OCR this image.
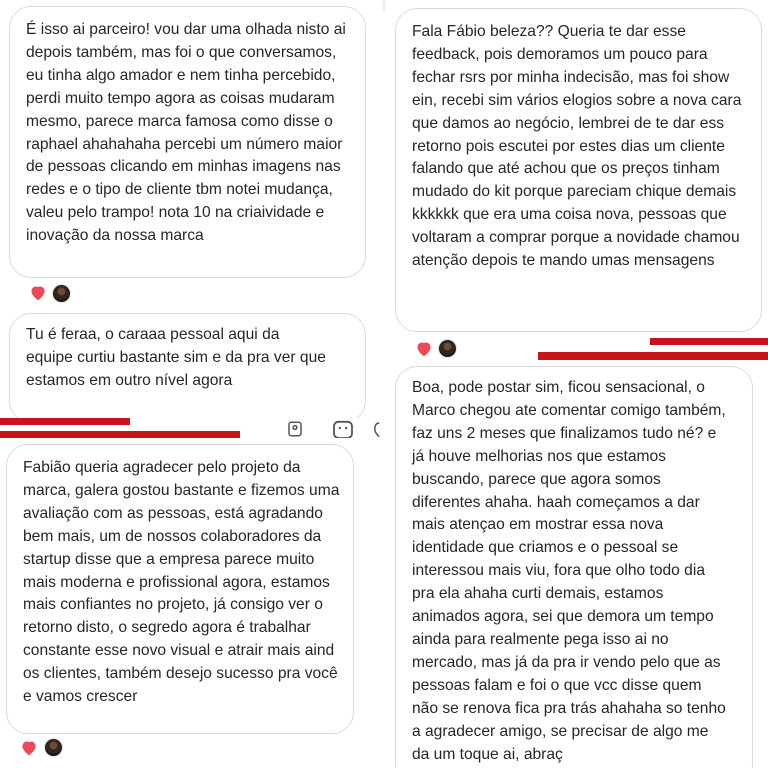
É isso ai parceiro! vou dar uma olhada nisto ai depois também, mas foi o que conversamos, eu tinha algo amador e nem tinha percebido, perdi muito tempo agora as coisas mudaram mesmo, parece marca famosa como disse o raphael ahahahaha percebi um número maior de pessoas clicando em minhas imagens nas redes e o tipo de cliente tbm notei mudança, valeu pelo trampo! nota 10 na criaividade e inovação da nossa marca

Tu é feraa, o caraaa pessoal aqui da equipe curtiu bastante sim e da pra ver que estamos em outro nível agora

Fala Fábio beleza?? Queria te dar esse feedback, pois demoramos um pouco para fechar rsrs por minha indecisão, mas foi show ein, recebi sim vários elogios sobre a nova cara que damos ao negócio, lembrei de te dar ess retorno pois escutei por estes dias um cliente falando que até achou que os preços tinham mudado do kit porque pareciam chique demais kkkkkk que era uma coisa nova, pessoas que voltaram a comprar porque a novidade chamou atenção depois te mando umas mensagens

Boa, pode postar sim, ficou sensacional, o Marco chegou ate comentar comigo também, faz uns 2 meses que finalizamos tudo né? e já houve melhorias nos que estamos buscando, parece que agora somos diferentes ahaha. haah começamos a dar mais atençao em mostrar essa nova identidade que criamos e o pessoal se interessou mais viu, fora que olho todo dia pra ela ahaha curti demais, estamos animados agora, sei que demora um tempo ainda para realmente pega isso ai no mercado, mas já da pra ir vendo pelo que as pessoas falam e foi o que vcc disse quem não se renova fica pra trás ahahaha so tenho a agradecer amigo, se precisar de algo me da um toque ai, abraç

Fabião queria agradecer pelo projeto da marca, galera gostou bastante e fizemos uma avaliação com as pessoas, está agradando bem mais, um de nossos colaboradores da startup disse que a empresa parece muito mais moderna e profissional agora, estamos mais confiantes no projeto, já consigo ver o retorno disto, o segredo agora é trabalhar constante esse novo visual e atrair mais aind os clientes, também desejo sucesso pra você e vamos crescer
